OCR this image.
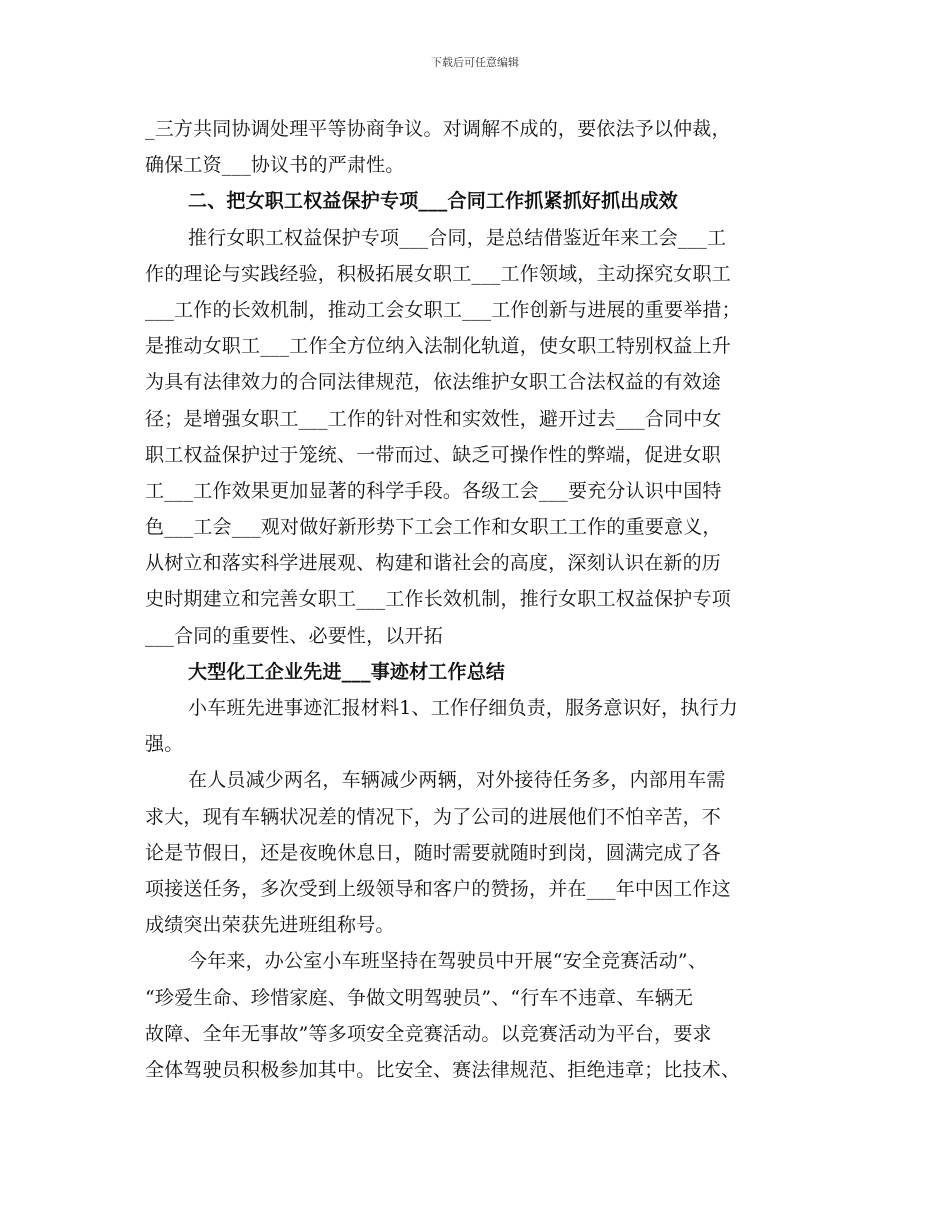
下载后可任意编辑
_三方共同协调处理平等协商争议。对调解不成的，要依法予以仲裁，
确保工资___协议书的严肃性。
二、把女职工权益保护专项___合同工作抓紧抓好抓出成效
推行女职工权益保护专项___合同，是总结借鉴近年来工会___工
作的理论与实践经验，积极拓展女职工___工作领域，主动探究女职工
___工作的长效机制，推动工会女职工___工作创新与进展的重要举措；
是推动女职工___工作全方位纳入法制化轨道，使女职工特别权益上升
为具有法律效力的合同法律规范，依法维护女职工合法权益的有效途
径；是增强女职工___工作的针对性和实效性，避开过去___合同中女
职工权益保护过于笼统、一带而过、缺乏可操作性的弊端，促进女职
工___工作效果更加显著的科学手段。各级工会___要充分认识中国特
色___工会___观对做好新形势下工会工作和女职工工作的重要意义，
从树立和落实科学进展观、构建和谐社会的高度，深刻认识在新的历
史时期建立和完善女职工___工作长效机制，推行女职工权益保护专项
___合同的重要性、必要性，以开拓
大型化工企业先进___事迹材工作总结
小车班先进事迹汇报材料1、工作仔细负责，服务意识好，执行力
强。
在人员减少两名，车辆减少两辆，对外接待任务多，内部用车需
求大，现有车辆状况差的情况下，为了公司的进展他们不怕辛苦，不
论是节假日，还是夜晚休息日，随时需要就随时到岗，圆满完成了各
项接送任务，多次受到上级领导和客户的赞扬，并在___年中因工作这
成绩突出荣获先进班组称号。
今年来，办公室小车班坚持在驾驶员中开展“安全竞赛活动”、
“珍爱生命、珍惜家庭、争做文明驾驶员”、“行车不违章、车辆无
故障、全年无事故”等多项安全竞赛活动。以竞赛活动为平台，要求
全体驾驶员积极参加其中。比安全、赛法律规范、拒绝违章；比技术、
